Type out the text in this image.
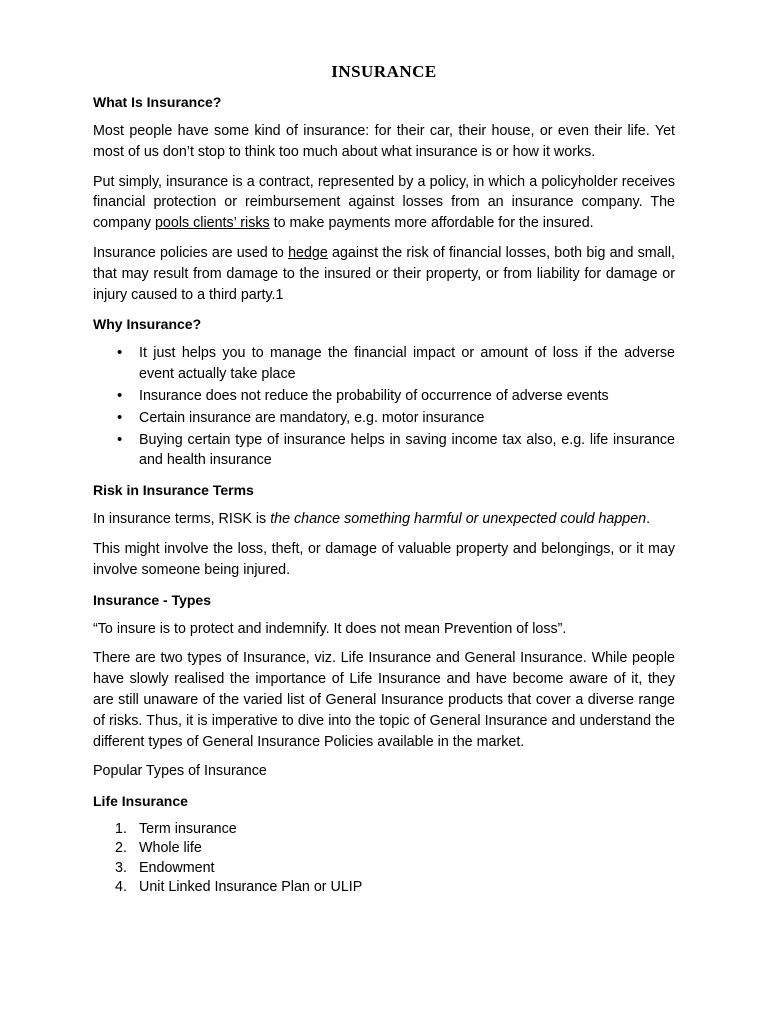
INSURANCE
What Is Insurance?

Most people have some kind of insurance: for their car, their house, or even their life. Yet most of us don’t stop to think too much about what insurance is or how it works.

Put simply, insurance is a contract, represented by a policy, in which a policyholder receives financial protection or reimbursement against losses from an insurance company. The company pools clients’ risks to make payments more affordable for the insured.

Insurance policies are used to hedge against the risk of financial losses, both big and small, that may result from damage to the insured or their property, or from liability for damage or injury caused to a third party.1

Why Insurance?
• It just helps you to manage the financial impact or amount of loss if the adverse event actually take place
• Insurance does not reduce the probability of occurrence of adverse events
• Certain insurance are mandatory, e.g. motor insurance
• Buying certain type of insurance helps in saving income tax also, e.g. life insurance and health insurance
Risk in Insurance Terms

In insurance terms, RISK is the chance something harmful or unexpected could happen.

This might involve the loss, theft, or damage of valuable property and belongings, or it may involve someone being injured.

Insurance - Types

“To insure is to protect and indemnify. It does not mean Prevention of loss”.

There are two types of Insurance, viz. Life Insurance and General Insurance. While people have slowly realised the importance of Life Insurance and have become aware of it, they are still unaware of the varied list of General Insurance products that cover a diverse range of risks. Thus, it is imperative to dive into the topic of General Insurance and understand the different types of General Insurance Policies available in the market.

Popular Types of Insurance

Life Insurance
1. Term insurance
2. Whole life
3. Endowment
4. Unit Linked Insurance Plan or ULIP
